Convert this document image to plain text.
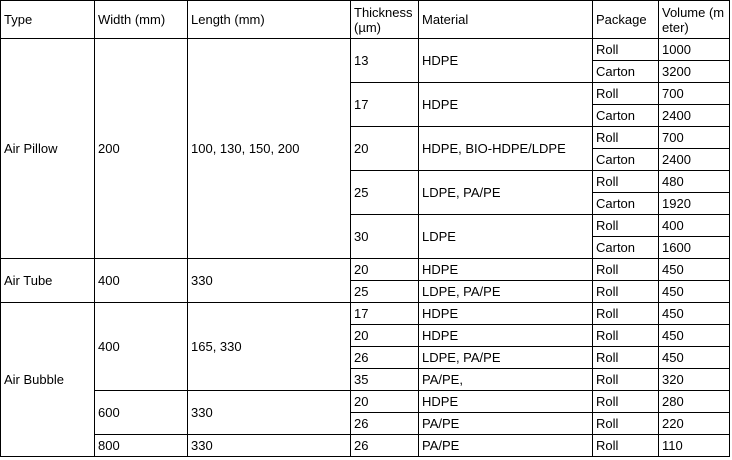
Type	Width (mm)	Length (mm)	Thickness (µm)	Material	Package	Volume (meter)
Air Pillow	200	100, 130, 150, 200	13	HDPE	Roll	1000
					Carton	3200
			17	HDPE	Roll	700
					Carton	2400
			20	HDPE, BIO-HDPE/LDPE	Roll	700
					Carton	2400
			25	LDPE, PA/PE	Roll	480
					Carton	1920
			30	LDPE	Roll	400
					Carton	1600
Air Tube	400	330	20	HDPE	Roll	450
			25	LDPE, PA/PE	Roll	450
Air Bubble	400	165, 330	17	HDPE	Roll	450
			20	HDPE	Roll	450
			26	LDPE, PA/PE	Roll	450
			35	PA/PE,	Roll	320
	600	330	20	HDPE	Roll	280
			26	PA/PE	Roll	220
	800	330	26	PA/PE	Roll	110
